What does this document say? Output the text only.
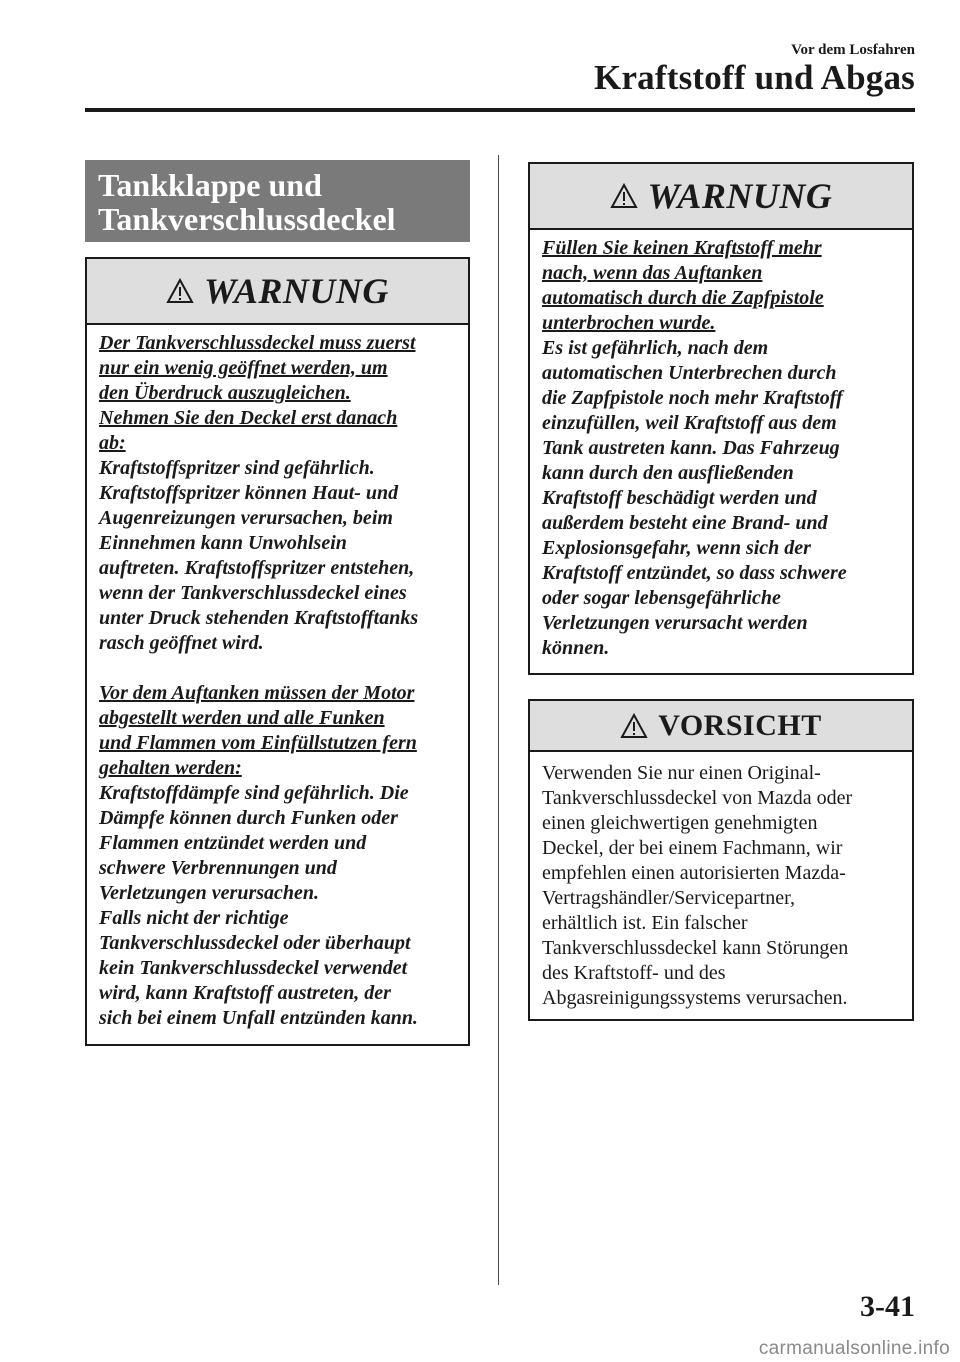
Vor dem Losfahren
Kraftstoff und Abgas
Tankklappe und
Tankverschlussdeckel
WARNUNG
Der Tankverschlussdeckel muss zuerst
nur ein wenig geöffnet werden, um
den Überdruck auszugleichen.
Nehmen Sie den Deckel erst danach
ab:
Kraftstoffspritzer sind gefährlich.
Kraftstoffspritzer können Haut- und
Augenreizungen verursachen, beim
Einnehmen kann Unwohlsein
auftreten. Kraftstoffspritzer entstehen,
wenn der Tankverschlussdeckel eines
unter Druck stehenden Kraftstofftanks
rasch geöffnet wird.
Vor dem Auftanken müssen der Motor
abgestellt werden und alle Funken
und Flammen vom Einfüllstutzen fern
gehalten werden:
Kraftstoffdämpfe sind gefährlich. Die
Dämpfe können durch Funken oder
Flammen entzündet werden und
schwere Verbrennungen und
Verletzungen verursachen.
Falls nicht der richtige
Tankverschlussdeckel oder überhaupt
kein Tankverschlussdeckel verwendet
wird, kann Kraftstoff austreten, der
sich bei einem Unfall entzünden kann.
WARNUNG
Füllen Sie keinen Kraftstoff mehr
nach, wenn das Auftanken
automatisch durch die Zapfpistole
unterbrochen wurde.
Es ist gefährlich, nach dem
automatischen Unterbrechen durch
die Zapfpistole noch mehr Kraftstoff
einzufüllen, weil Kraftstoff aus dem
Tank austreten kann. Das Fahrzeug
kann durch den ausfließenden
Kraftstoff beschädigt werden und
außerdem besteht eine Brand- und
Explosionsgefahr, wenn sich der
Kraftstoff entzündet, so dass schwere
oder sogar lebensgefährliche
Verletzungen verursacht werden
können.
VORSICHT
Verwenden Sie nur einen Original-
Tankverschlussdeckel von Mazda oder
einen gleichwertigen genehmigten
Deckel, der bei einem Fachmann, wir
empfehlen einen autorisierten Mazda-
Vertragshändler/Servicepartner,
erhältlich ist. Ein falscher
Tankverschlussdeckel kann Störungen
des Kraftstoff- und des
Abgasreinigungssystems verursachen.
3-41
carmanualsonline.info
